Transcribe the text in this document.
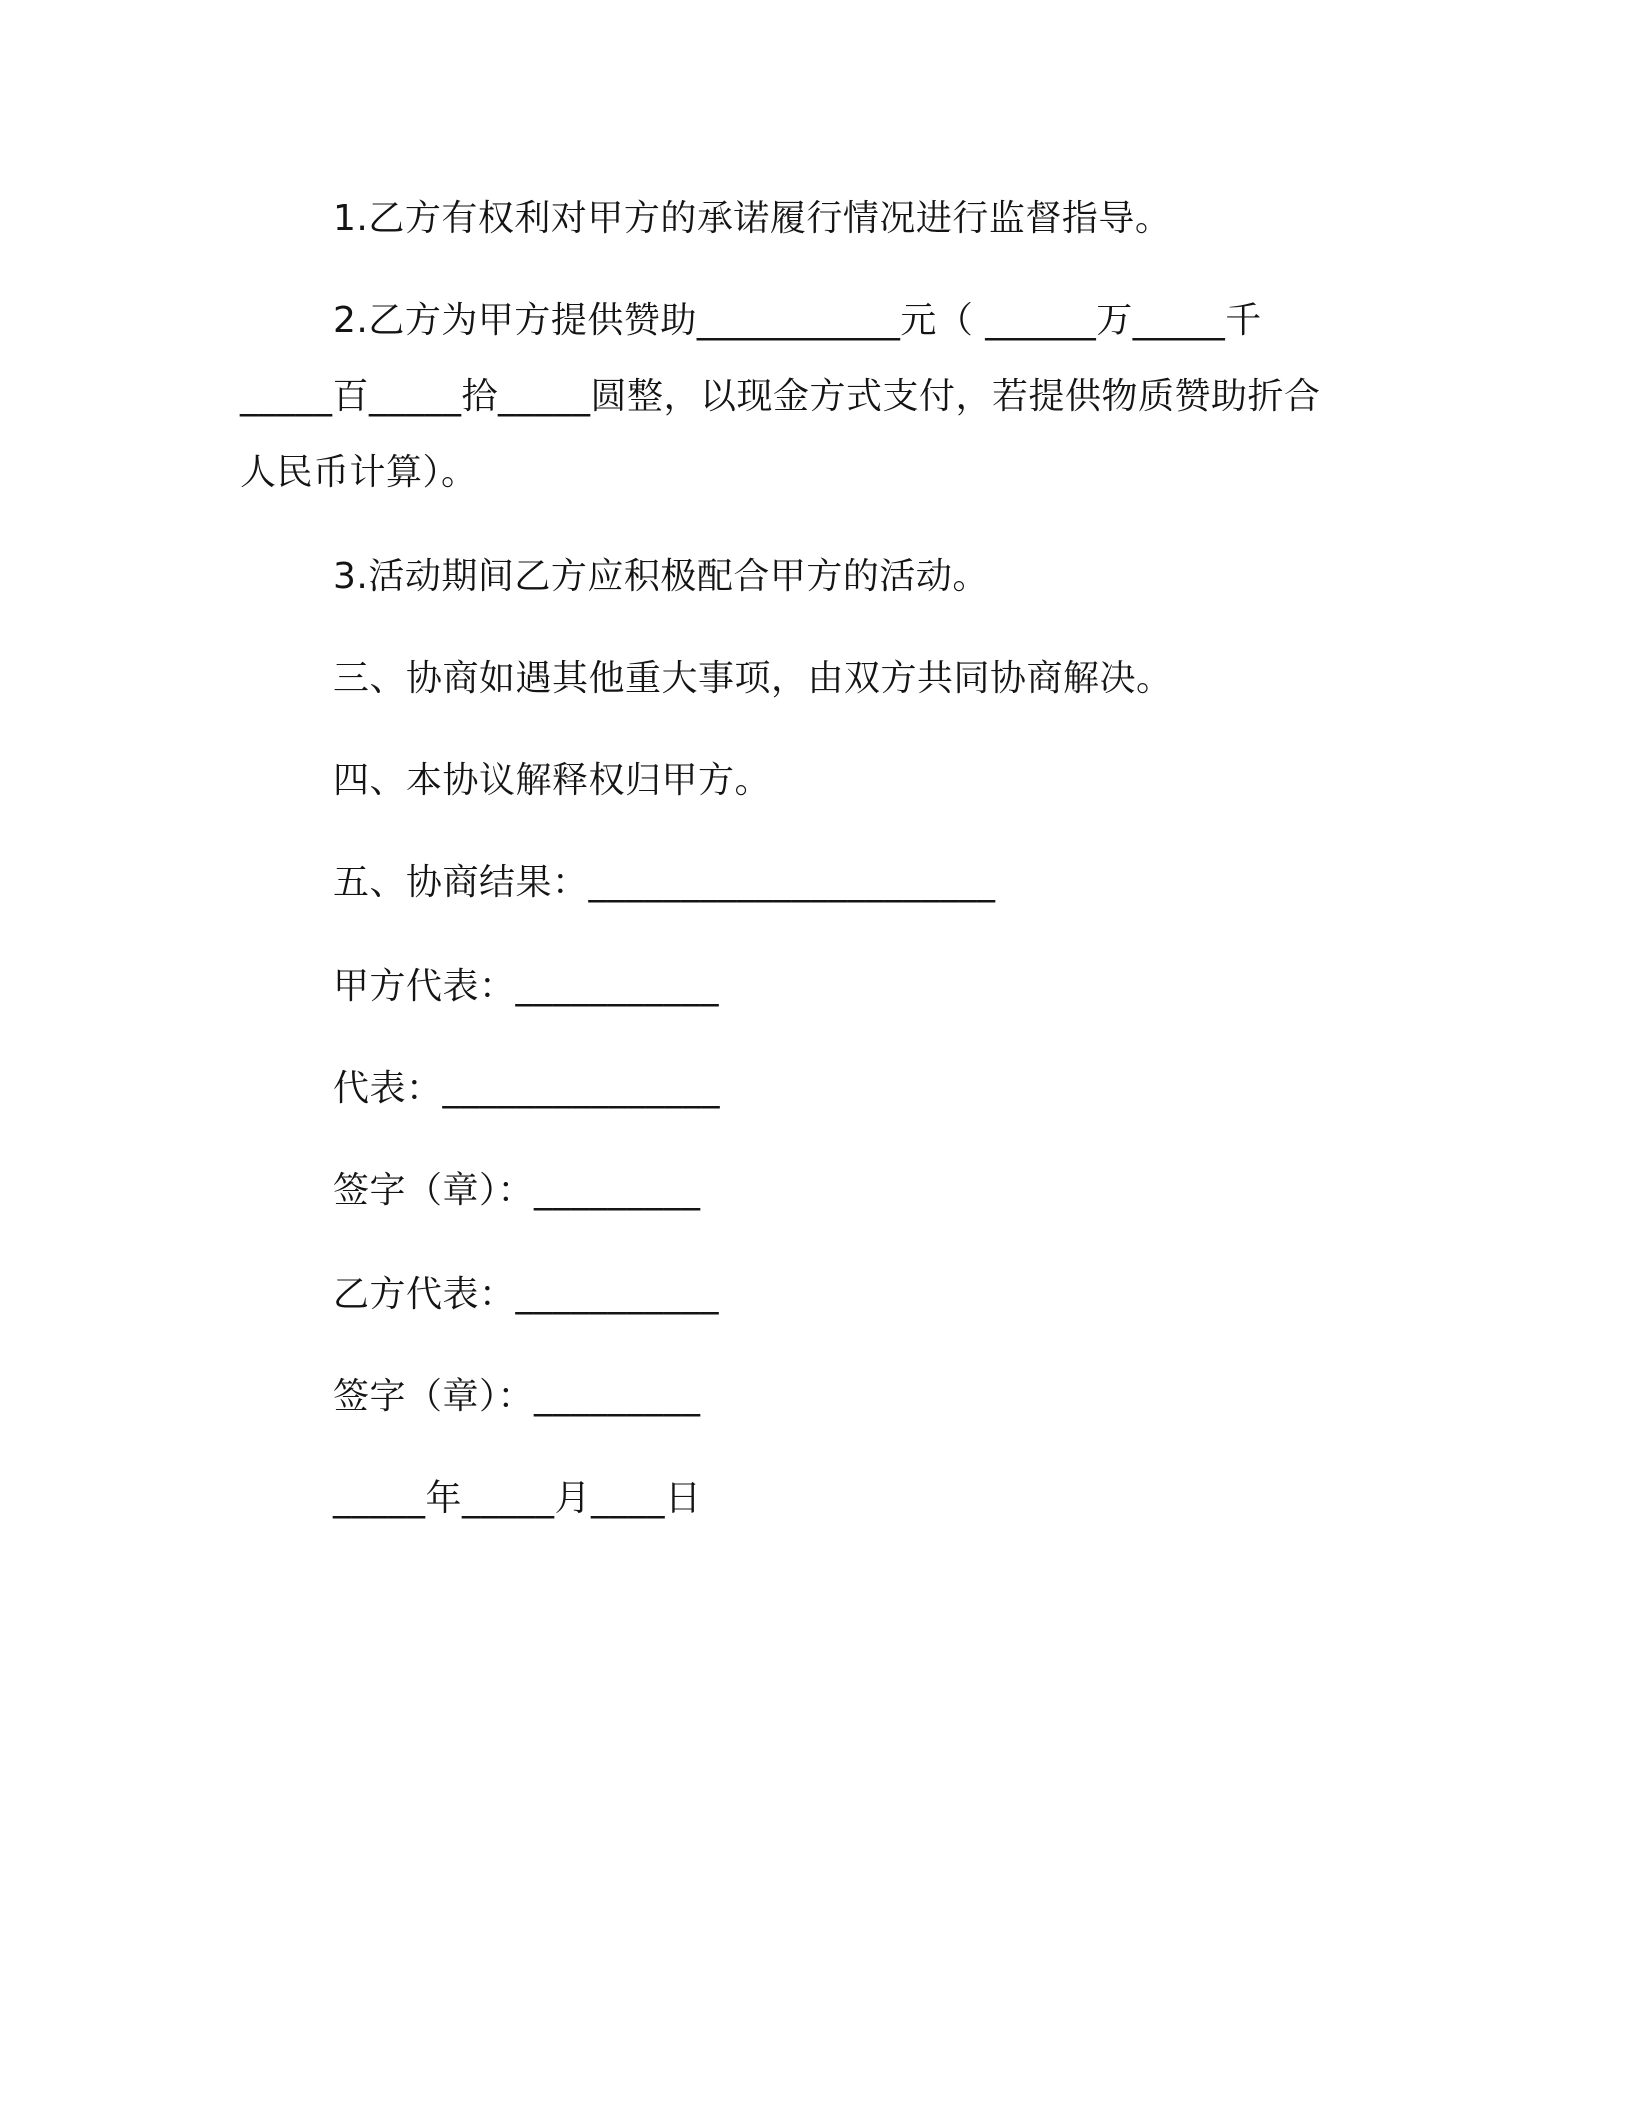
1.乙方有权利对甲方的承诺履行情况进行监督指导。
2.乙方为甲方提供赞助___________元（ ______万_____千
_____百_____拾_____圆整，以现金方式支付，若提供物质赞助折合
人民币计算）。
3.活动期间乙方应积极配合甲方的活动。
三、协商如遇其他重大事项，由双方共同协商解决。
四、本协议解释权归甲方。
五、协商结果：______________________
甲方代表：___________
代表：_______________
签字（章）：_________
乙方代表：___________
签字（章）：_________
_____年_____月____日
